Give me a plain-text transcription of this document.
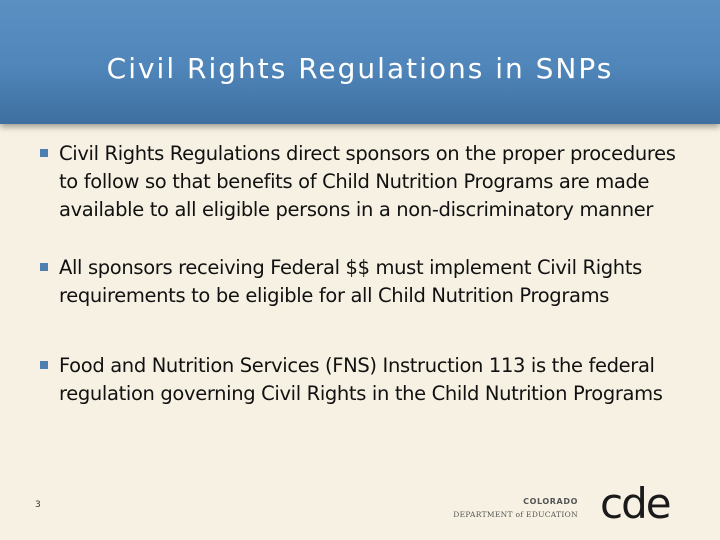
Civil Rights Regulations in SNPs
Civil Rights Regulations direct sponsors on the proper procedures to follow so that benefits of Child Nutrition Programs are made available to all eligible persons in a non-discriminatory manner
All sponsors receiving Federal $$ must implement Civil Rights requirements to be eligible for all Child Nutrition Programs
Food and Nutrition Services (FNS) Instruction 113 is the federal regulation governing Civil Rights in the Child Nutrition Programs
3	COLORADO
DEPARTMENT of EDUCATION cde
